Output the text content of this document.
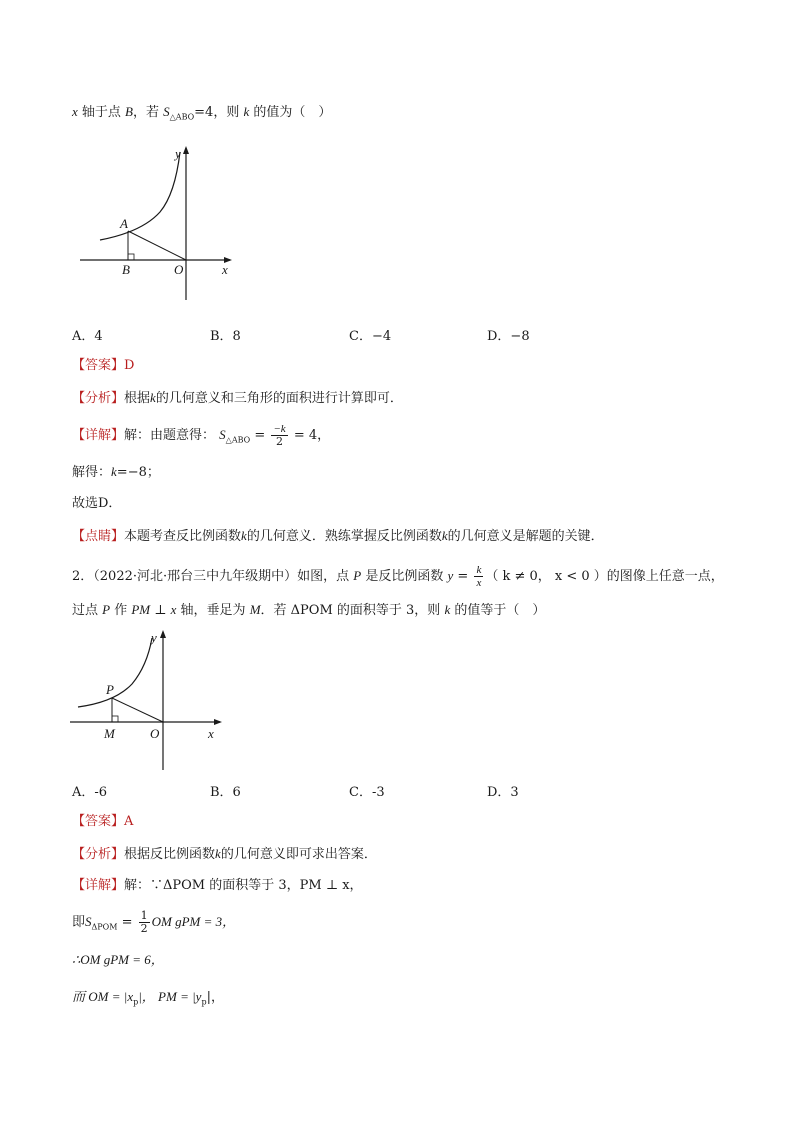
x 轴于点 B，若 $S_{\triangle ABO}=4$，则 k 的值为（　）
y
A
B	O	x
A．4	B．8	C．−4	D．−8
【答案】D
【分析】根据k的几何意义和三角形的面积进行计算即可．
【详解】解：由题意得： $S_{\triangle ABO} = \frac{-k}{2} = 4$，
解得：k=−8；
故选D．
【点睛】本题考查反比例函数k的几何意义．熟练掌握反比例函数k的几何意义是解题的关键．
2．（2022·河北·邢台三中九年级期中）如图，点 P 是反比例函数 $y = \frac{k}{x}$ （ k ≠ 0， x < 0 ）的图像上任意一点，
过点 P 作 PM ⊥ x 轴，垂足为 M．若 ΔPOM 的面积等于 3，则 k 的值等于（　）
y
P
M	O	x
A．-6	B．6	C．-3	D．3
【答案】A
【分析】根据反比例函数k的几何意义即可求出答案．
【详解】解：∵ΔPOM 的面积等于 3，PM ⊥ x，
即$S_{\Delta POM} = \frac{1}{2}$ OM gPM = 3，
∴OM gPM = 6，
而 OM = $|x_p|$， PM = $|y_p|$，
